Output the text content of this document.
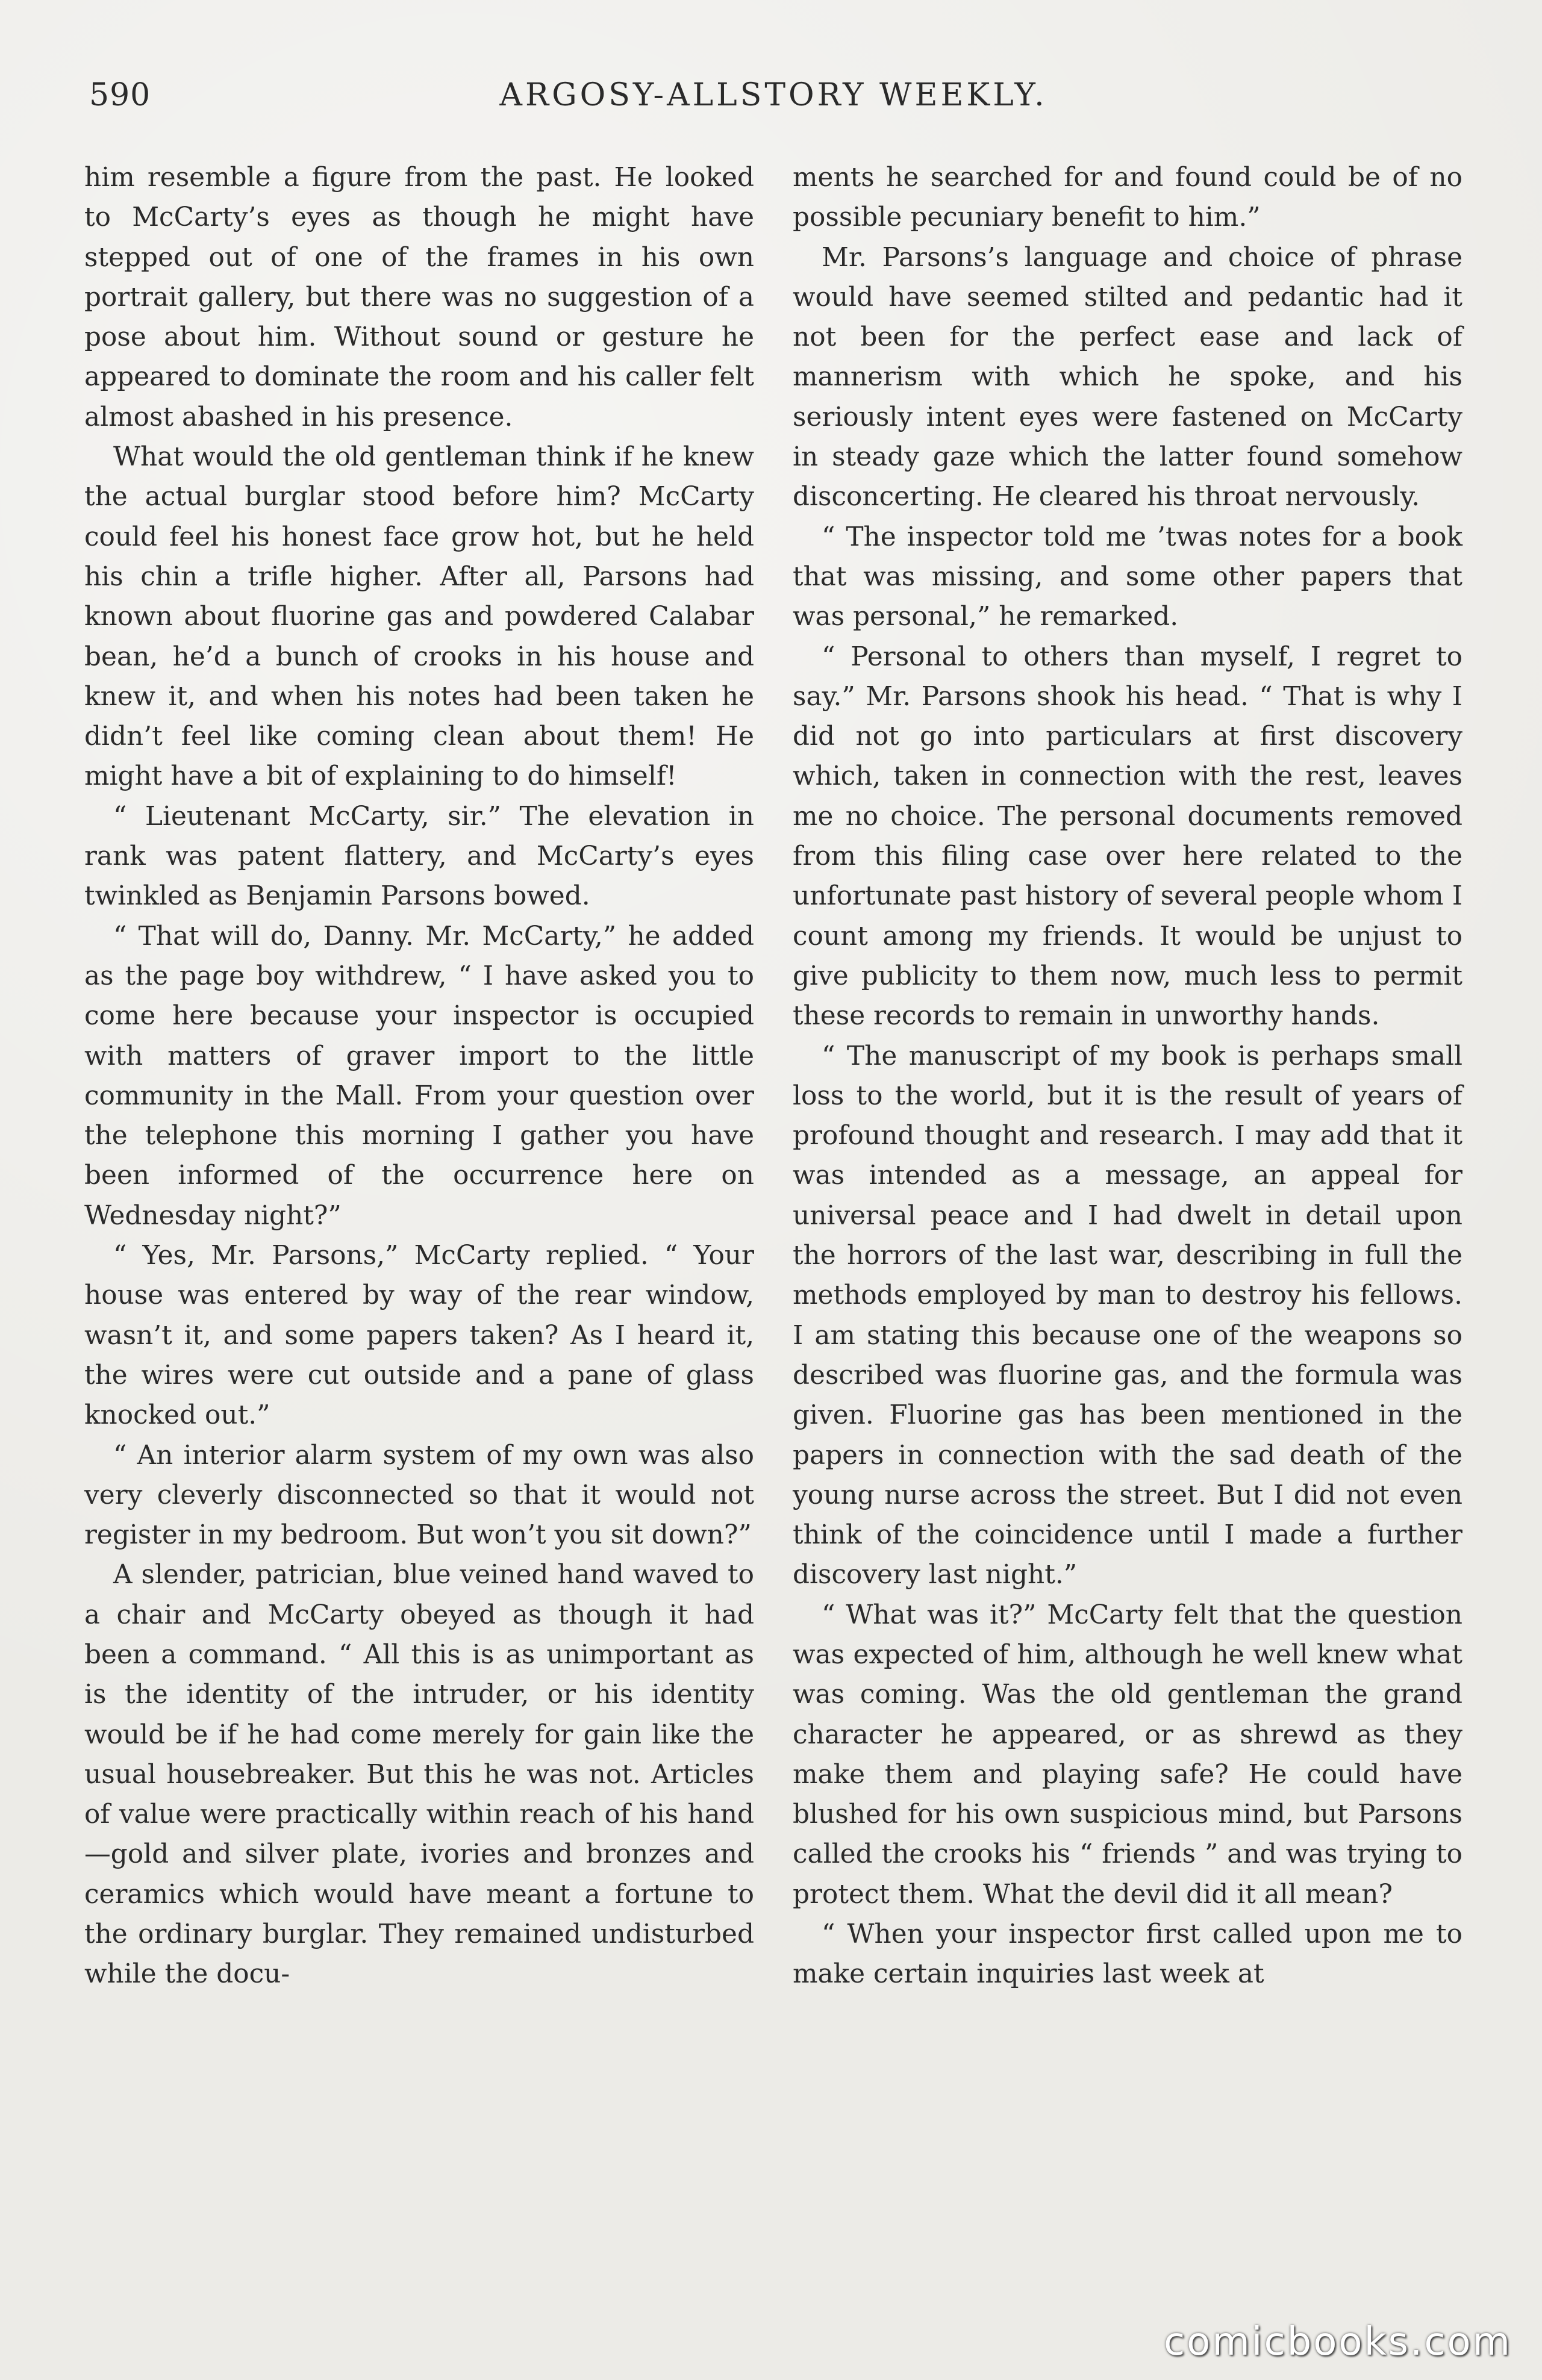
590	ARGOSY-ALLSTORY WEEKLY.

him resemble a figure from the past. He looked to McCarty’s eyes as though he might have stepped out of one of the frames in his own portrait gallery, but there was no suggestion of a pose about him. Without sound or gesture he appeared to dominate the room and his caller felt almost abashed in his presence.

What would the old gentleman think if he knew the actual burglar stood before him? McCarty could feel his honest face grow hot, but he held his chin a trifle higher. After all, Parsons had known about fluorine gas and powdered Calabar bean, he’d a bunch of crooks in his house and knew it, and when his notes had been taken he didn’t feel like coming clean about them! He might have a bit of explaining to do himself!

“ Lieutenant McCarty, sir.” The elevation in rank was patent flattery, and McCarty’s eyes twinkled as Benjamin Parsons bowed.

“ That will do, Danny. Mr. McCarty,” he added as the page boy withdrew, “ I have asked you to come here because your inspector is occupied with matters of graver import to the little community in the Mall. From your question over the telephone this morning I gather you have been informed of the occurrence here on Wednesday night?”

“ Yes, Mr. Parsons,” McCarty replied. “ Your house was entered by way of the rear window, wasn’t it, and some papers taken? As I heard it, the wires were cut outside and a pane of glass knocked out.”

“ An interior alarm system of my own was also very cleverly disconnected so that it would not register in my bedroom. But won’t you sit down?”

A slender, patrician, blue veined hand waved to a chair and McCarty obeyed as though it had been a command. “ All this is as unimportant as is the identity of the intruder, or his identity would be if he had come merely for gain like the usual housebreaker. But this he was not. Articles of value were practically within reach of his hand—gold and silver plate, ivories and bronzes and ceramics which would have meant a fortune to the ordinary burglar. They remained undisturbed while the docu-

ments he searched for and found could be of no possible pecuniary benefit to him.”

Mr. Parsons’s language and choice of phrase would have seemed stilted and pedantic had it not been for the perfect ease and lack of mannerism with which he spoke, and his seriously intent eyes were fastened on McCarty in steady gaze which the latter found somehow disconcerting. He cleared his throat nervously.

“ The inspector told me ’twas notes for a book that was missing, and some other papers that was personal,” he remarked.

“ Personal to others than myself, I regret to say.” Mr. Parsons shook his head. “ That is why I did not go into particulars at first discovery which, taken in connection with the rest, leaves me no choice. The personal documents removed from this filing case over here related to the unfortunate past history of several people whom I count among my friends. It would be unjust to give publicity to them now, much less to permit these records to remain in unworthy hands.

“ The manuscript of my book is perhaps small loss to the world, but it is the result of years of profound thought and research. I may add that it was intended as a message, an appeal for universal peace and I had dwelt in detail upon the horrors of the last war, describing in full the methods employed by man to destroy his fellows. I am stating this because one of the weapons so described was fluorine gas, and the formula was given. Fluorine gas has been mentioned in the papers in connection with the sad death of the young nurse across the street. But I did not even think of the coincidence until I made a further discovery last night.”

“ What was it?” McCarty felt that the question was expected of him, although he well knew what was coming. Was the old gentleman the grand character he appeared, or as shrewd as they make them and playing safe? He could have blushed for his own suspicious mind, but Parsons called the crooks his “ friends ” and was trying to protect them. What the devil did it all mean?

“ When your inspector first called upon me to make certain inquiries last week at

comicbooks.com
